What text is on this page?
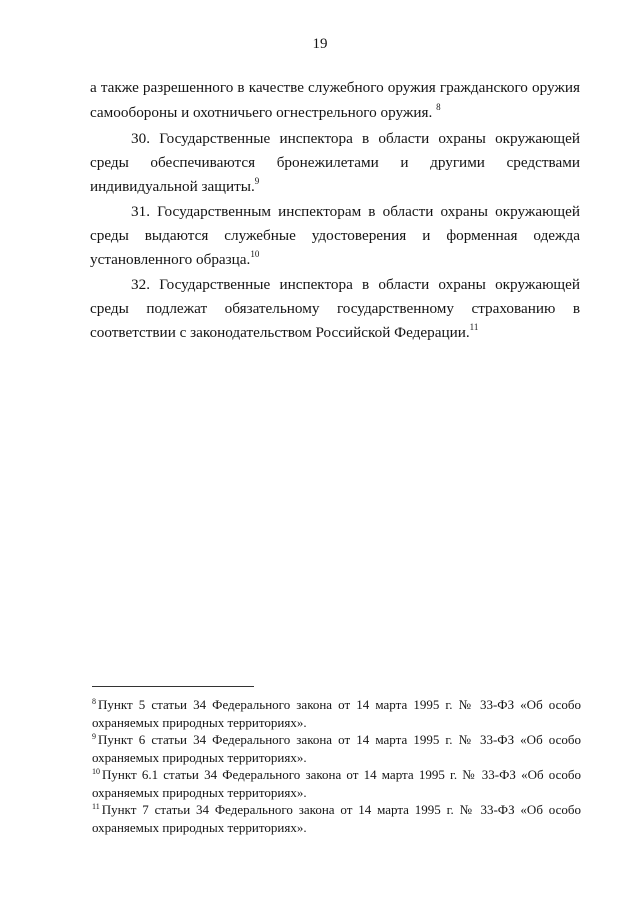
19
а также разрешенного в качестве служебного оружия гражданского оружия
самообороны и охотничьего огнестрельного оружия. $^8$
30. Государственные инспектора в области охраны окружающей
среды обеспечиваются бронежилетами и другими средствами
индивидуальной защиты.$^9$
31. Государственным инспекторам в области охраны окружающей
среды выдаются служебные удостоверения и форменная одежда
установленного образца.$^{10}$
32. Государственные инспектора в области охраны окружающей
среды подлежат обязательному государственному страхованию в
соответствии с законодательством Российской Федерации.$^{11}$
$^8$ Пункт 5 статьи 34 Федерального закона от 14 марта 1995 г. № 33-ФЗ «Об особо
охраняемых природных территориях».
$^9$ Пункт 6 статьи 34 Федерального закона от 14 марта 1995 г. № 33-ФЗ «Об особо
охраняемых природных территориях».
$^{10}$ Пункт 6.1 статьи 34 Федерального закона от 14 марта 1995 г. № 33-ФЗ «Об особо
охраняемых природных территориях».
$^{11}$ Пункт 7 статьи 34 Федерального закона от 14 марта 1995 г. № 33-ФЗ «Об особо
охраняемых природных территориях».
